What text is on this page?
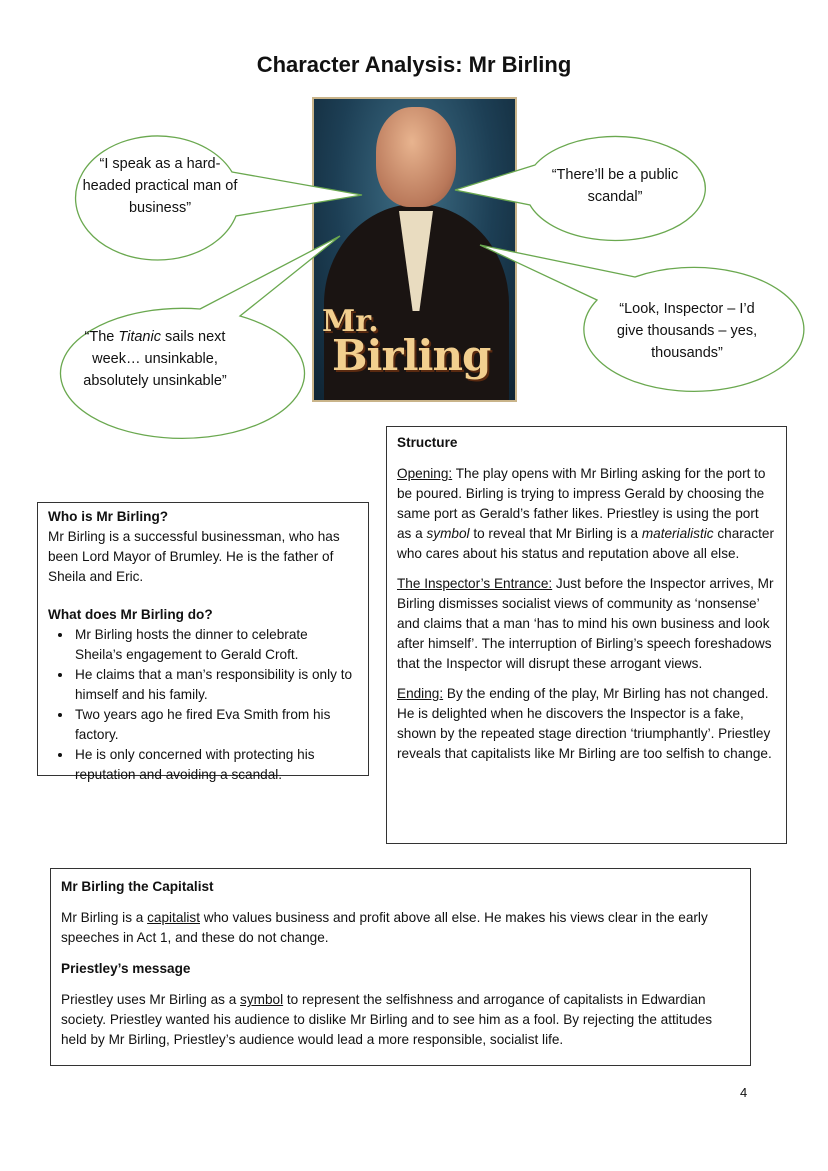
Character Analysis: Mr Birling
Mr.
Birling
“I speak as a hard-headed practical man of business”
“There’ll be a public scandal”
“The Titanic sails next week… unsinkable, absolutely unsinkable”
“Look, Inspector – I’d give thousands – yes, thousands”
Who is Mr Birling?

Mr Birling is a successful businessman, who has been Lord Mayor of Brumley. He is the father of Sheila and Eric.

What does Mr Birling do?
• Mr Birling hosts the dinner to celebrate Sheila’s engagement to Gerald Croft.
• He claims that a man’s responsibility is only to himself and his family.
• Two years ago he fired Eva Smith from his factory.
• He is only concerned with protecting his reputation and avoiding a scandal.
Structure

Opening: The play opens with Mr Birling asking for the port to be poured. Birling is trying to impress Gerald by choosing the same port as Gerald’s father likes. Priestley is using the port as a symbol to reveal that Mr Birling is a materialistic character who cares about his status and reputation above all else.

The Inspector’s Entrance: Just before the Inspector arrives, Mr Birling dismisses socialist views of community as ‘nonsense’ and claims that a man ‘has to mind his own business and look after himself’. The interruption of Birling’s speech foreshadows that the Inspector will disrupt these arrogant views.

Ending: By the ending of the play, Mr Birling has not changed. He is delighted when he discovers the Inspector is a fake, shown by the repeated stage direction ‘triumphantly’. Priestley reveals that capitalists like Mr Birling are too selfish to change.

Mr Birling the Capitalist

Mr Birling is a capitalist who values business and profit above all else. He makes his views clear in the early speeches in Act 1, and these do not change.

Priestley’s message

Priestley uses Mr Birling as a symbol to represent the selfishness and arrogance of capitalists in Edwardian society. Priestley wanted his audience to dislike Mr Birling and to see him as a fool. By rejecting the attitudes held by Mr Birling, Priestley’s audience would lead a more responsible, socialist life.

4
